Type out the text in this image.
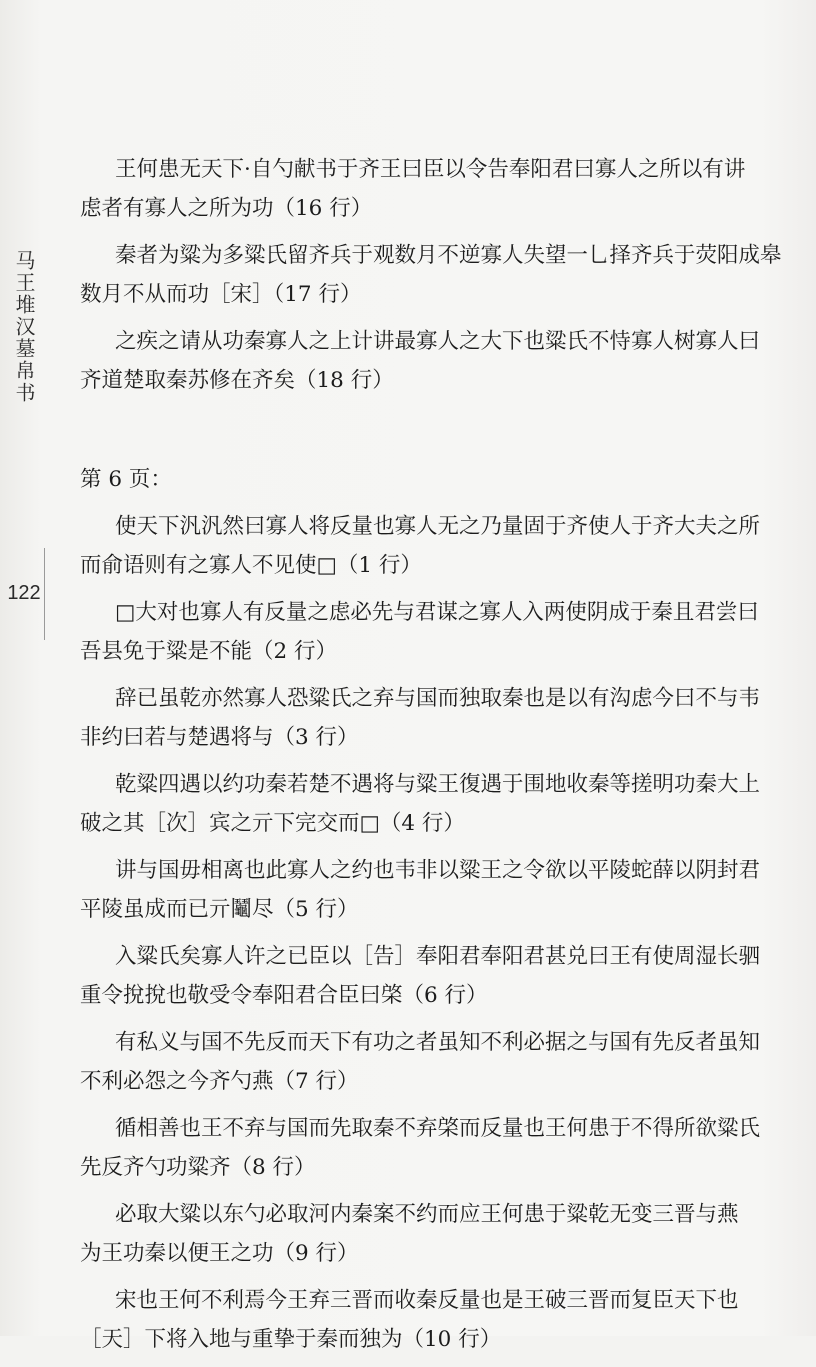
马王堆汉墓帛书
122
王何患无天下·自勺献书于齐王曰臣以令告奉阳君曰寡人之所以有讲
虑者有寡人之所为功（16 行）
秦者为粱为多粱氏留齐兵于观数月不逆寡人失望一乚择齐兵于荧阳成皋
数月不从而功［宋］（17 行）
之疾之请从功秦寡人之上计讲最寡人之大下也粱氏不恃寡人树寡人曰
齐道楚取秦苏修在齐矣（18 行）
第 6 页：
使天下汎汎然曰寡人将反量也寡人无之乃量固于齐使人于齐大夫之所
而俞语则有之寡人不见使□（1 行）
□大对也寡人有反量之虑必先与君谋之寡人入两使阴成于秦且君尝曰
吾县免于粱是不能（2 行）
辞已虽乾亦然寡人恐粱氏之弃与国而独取秦也是以有沟虑今曰不与韦
非约曰若与楚遇将与（3 行）
乾粱四遇以约功秦若楚不遇将与粱王復遇于围地收秦等搓明功秦大上
破之其［次］宾之亓下完交而□（4 行）
讲与国毋相离也此寡人之约也韦非以粱王之令欲以平陵蛇薛以阴封君
平陵虽成而已亓鬮尽（5 行）
入粱氏矣寡人许之已臣以［告］奉阳君奉阳君甚兑曰王有使周湿长驷
重令挩挩也敬受令奉阳君合臣曰棨（6 行）
有私义与国不先反而天下有功之者虽知不利必据之与国有先反者虽知
不利必怨之今齐勺燕（7 行）
循相善也王不弃与国而先取秦不弃棨而反量也王何患于不得所欲粱氏
先反齐勺功粱齐（8 行）
必取大粱以东勺必取河内秦案不约而应王何患于粱乾无变三晋与燕
为王功秦以便王之功（9 行）
宋也王何不利焉今王弃三晋而收秦反量也是王破三晋而复臣天下也
［天］下将入地与重挚于秦而独为（10 行）
